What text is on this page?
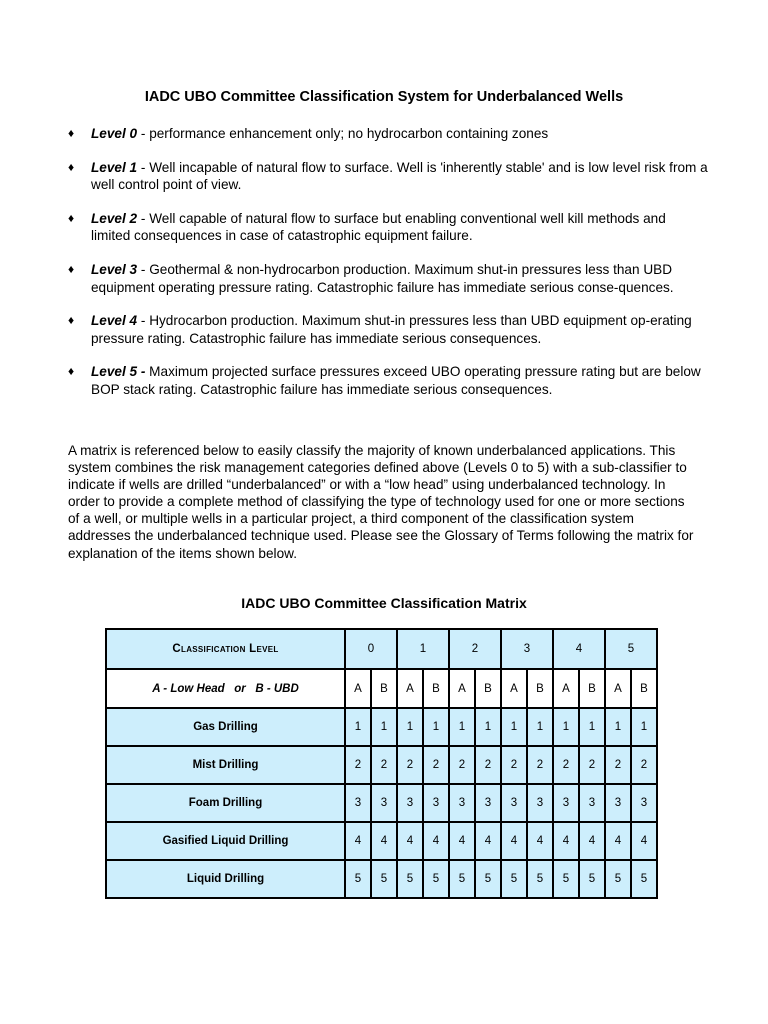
IADC UBO Committee Classification System for Underbalanced Wells
♦ Level 0 - performance enhancement only; no hydrocarbon containing zones
♦ Level 1 - Well incapable of natural flow to surface. Well is 'inherently stable' and is low level risk from a well control point of view.
♦ Level 2 - Well capable of natural flow to surface but enabling conventional well kill methods and limited consequences in case of catastrophic equipment failure.
♦ Level 3 - Geothermal & non-hydrocarbon production. Maximum shut-in pressures less than UBD equipment operating pressure rating. Catastrophic failure has immediate serious conse-quences.
♦ Level 4 - Hydrocarbon production. Maximum shut-in pressures less than UBD equipment op-erating pressure rating. Catastrophic failure has immediate serious consequences.
♦ Level 5 - Maximum projected surface pressures exceed UBO operating pressure rating but are below BOP stack rating. Catastrophic failure has immediate serious consequences.
A matrix is referenced below to easily classify the majority of known underbalanced applications. This system combines the risk management categories defined above (Levels 0 to 5) with a sub-classifier to indicate if wells are drilled “underbalanced” or with a “low head” using underbalanced technology. In order to provide a complete method of classifying the type of technology used for one or more sections of a well, or multiple wells in a particular project, a third component of the classification system addresses the underbalanced technique used. Please see the Glossary of Terms following the matrix for explanation of the items shown below.
IADC UBO Committee Classification Matrix
Classification Level	0		1		2		3		4		5	
A - Low Head   or   B - UBD	A	B	A	B	A	B	A	B	A	B	A	B
Gas Drilling	1	1	1	1	1	1	1	1	1	1	1	1
Mist Drilling	2	2	2	2	2	2	2	2	2	2	2	2
Foam Drilling	3	3	3	3	3	3	3	3	3	3	3	3
Gasified Liquid Drilling	4	4	4	4	4	4	4	4	4	4	4	4
Liquid Drilling	5	5	5	5	5	5	5	5	5	5	5	5
